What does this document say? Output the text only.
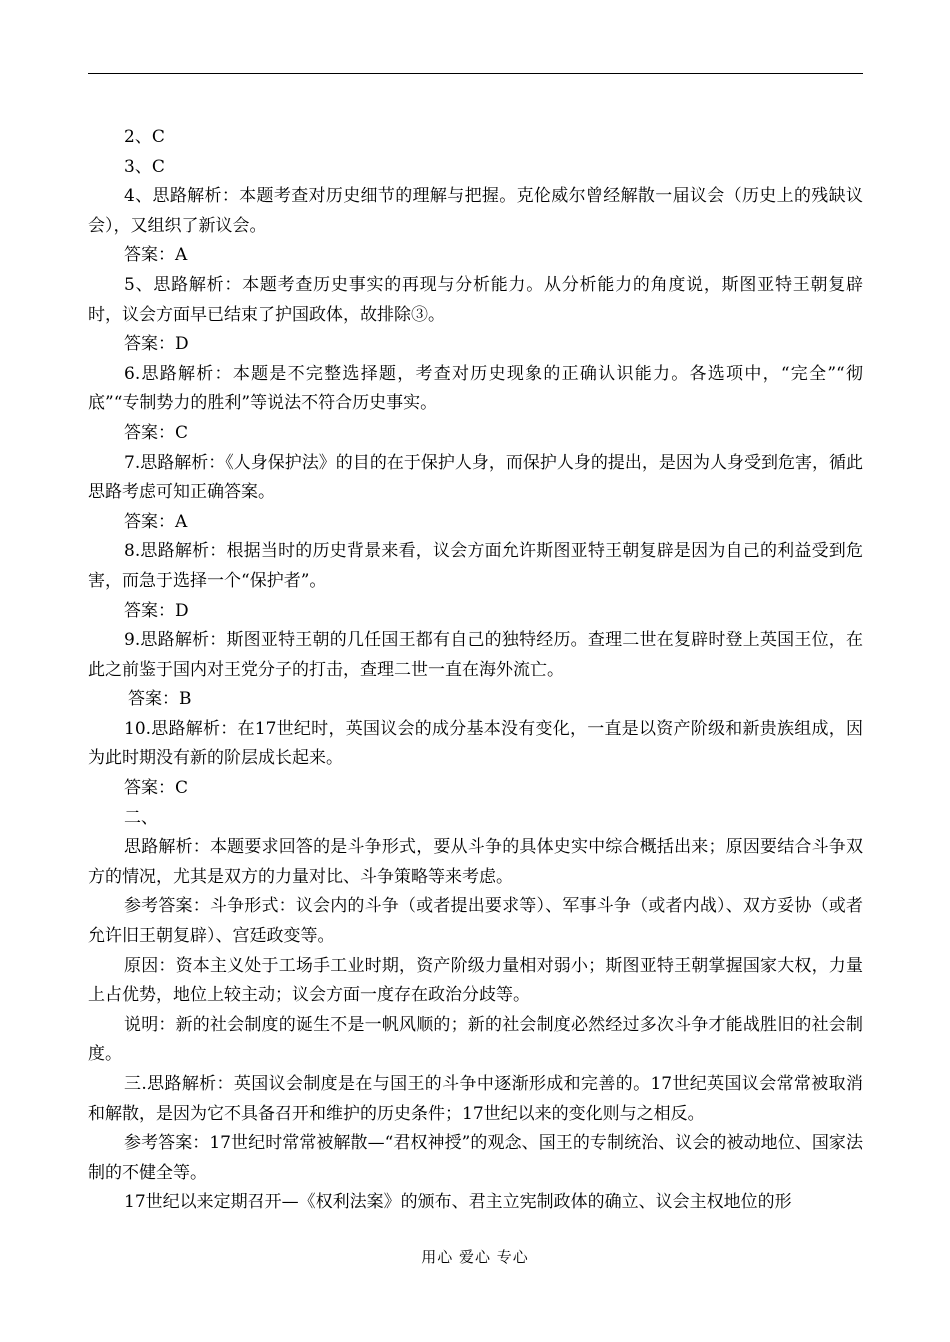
2、C

3、C

4、思路解析：本题考查对历史细节的理解与把握。克伦威尔曾经解散一届议会（历史上的残缺议会），又组织了新议会。

答案：A

5、思路解析：本题考查历史事实的再现与分析能力。从分析能力的角度说，斯图亚特王朝复辟时，议会方面早已结束了护国政体，故排除③。

答案：D

6.思路解析：本题是不完整选择题，考查对历史现象的正确认识能力。各选项中，“完全”“彻底”“专制势力的胜利”等说法不符合历史事实。

答案：C

7.思路解析：《人身保护法》的目的在于保护人身，而保护人身的提出，是因为人身受到危害，循此思路考虑可知正确答案。

答案：A

8.思路解析：根据当时的历史背景来看，议会方面允许斯图亚特王朝复辟是因为自己的利益受到危害，而急于选择一个“保护者”。

答案：D

9.思路解析：斯图亚特王朝的几任国王都有自己的独特经历。查理二世在复辟时登上英国王位，在此之前鉴于国内对王党分子的打击，查理二世一直在海外流亡。

答案：B

10.思路解析：在17世纪时，英国议会的成分基本没有变化，一直是以资产阶级和新贵族组成，因为此时期没有新的阶层成长起来。

答案：C

二、

思路解析：本题要求回答的是斗争形式，要从斗争的具体史实中综合概括出来；原因要结合斗争双方的情况，尤其是双方的力量对比、斗争策略等来考虑。

参考答案：斗争形式：议会内的斗争（或者提出要求等）、军事斗争（或者内战）、双方妥协（或者允许旧王朝复辟）、宫廷政变等。

原因：资本主义处于工场手工业时期，资产阶级力量相对弱小；斯图亚特王朝掌握国家大权，力量上占优势，地位上较主动；议会方面一度存在政治分歧等。

说明：新的社会制度的诞生不是一帆风顺的；新的社会制度必然经过多次斗争才能战胜旧的社会制度。

三.思路解析：英国议会制度是在与国王的斗争中逐渐形成和完善的。17世纪英国议会常常被取消和解散，是因为它不具备召开和维护的历史条件；17世纪以来的变化则与之相反。

参考答案：17世纪时常常被解散—“君权神授”的观念、国王的专制统治、议会的被动地位、国家法制的不健全等。

17世纪以来定期召开—《权利法案》的颁布、君主立宪制政体的确立、议会主权地位的形

用心 爱心 专心
